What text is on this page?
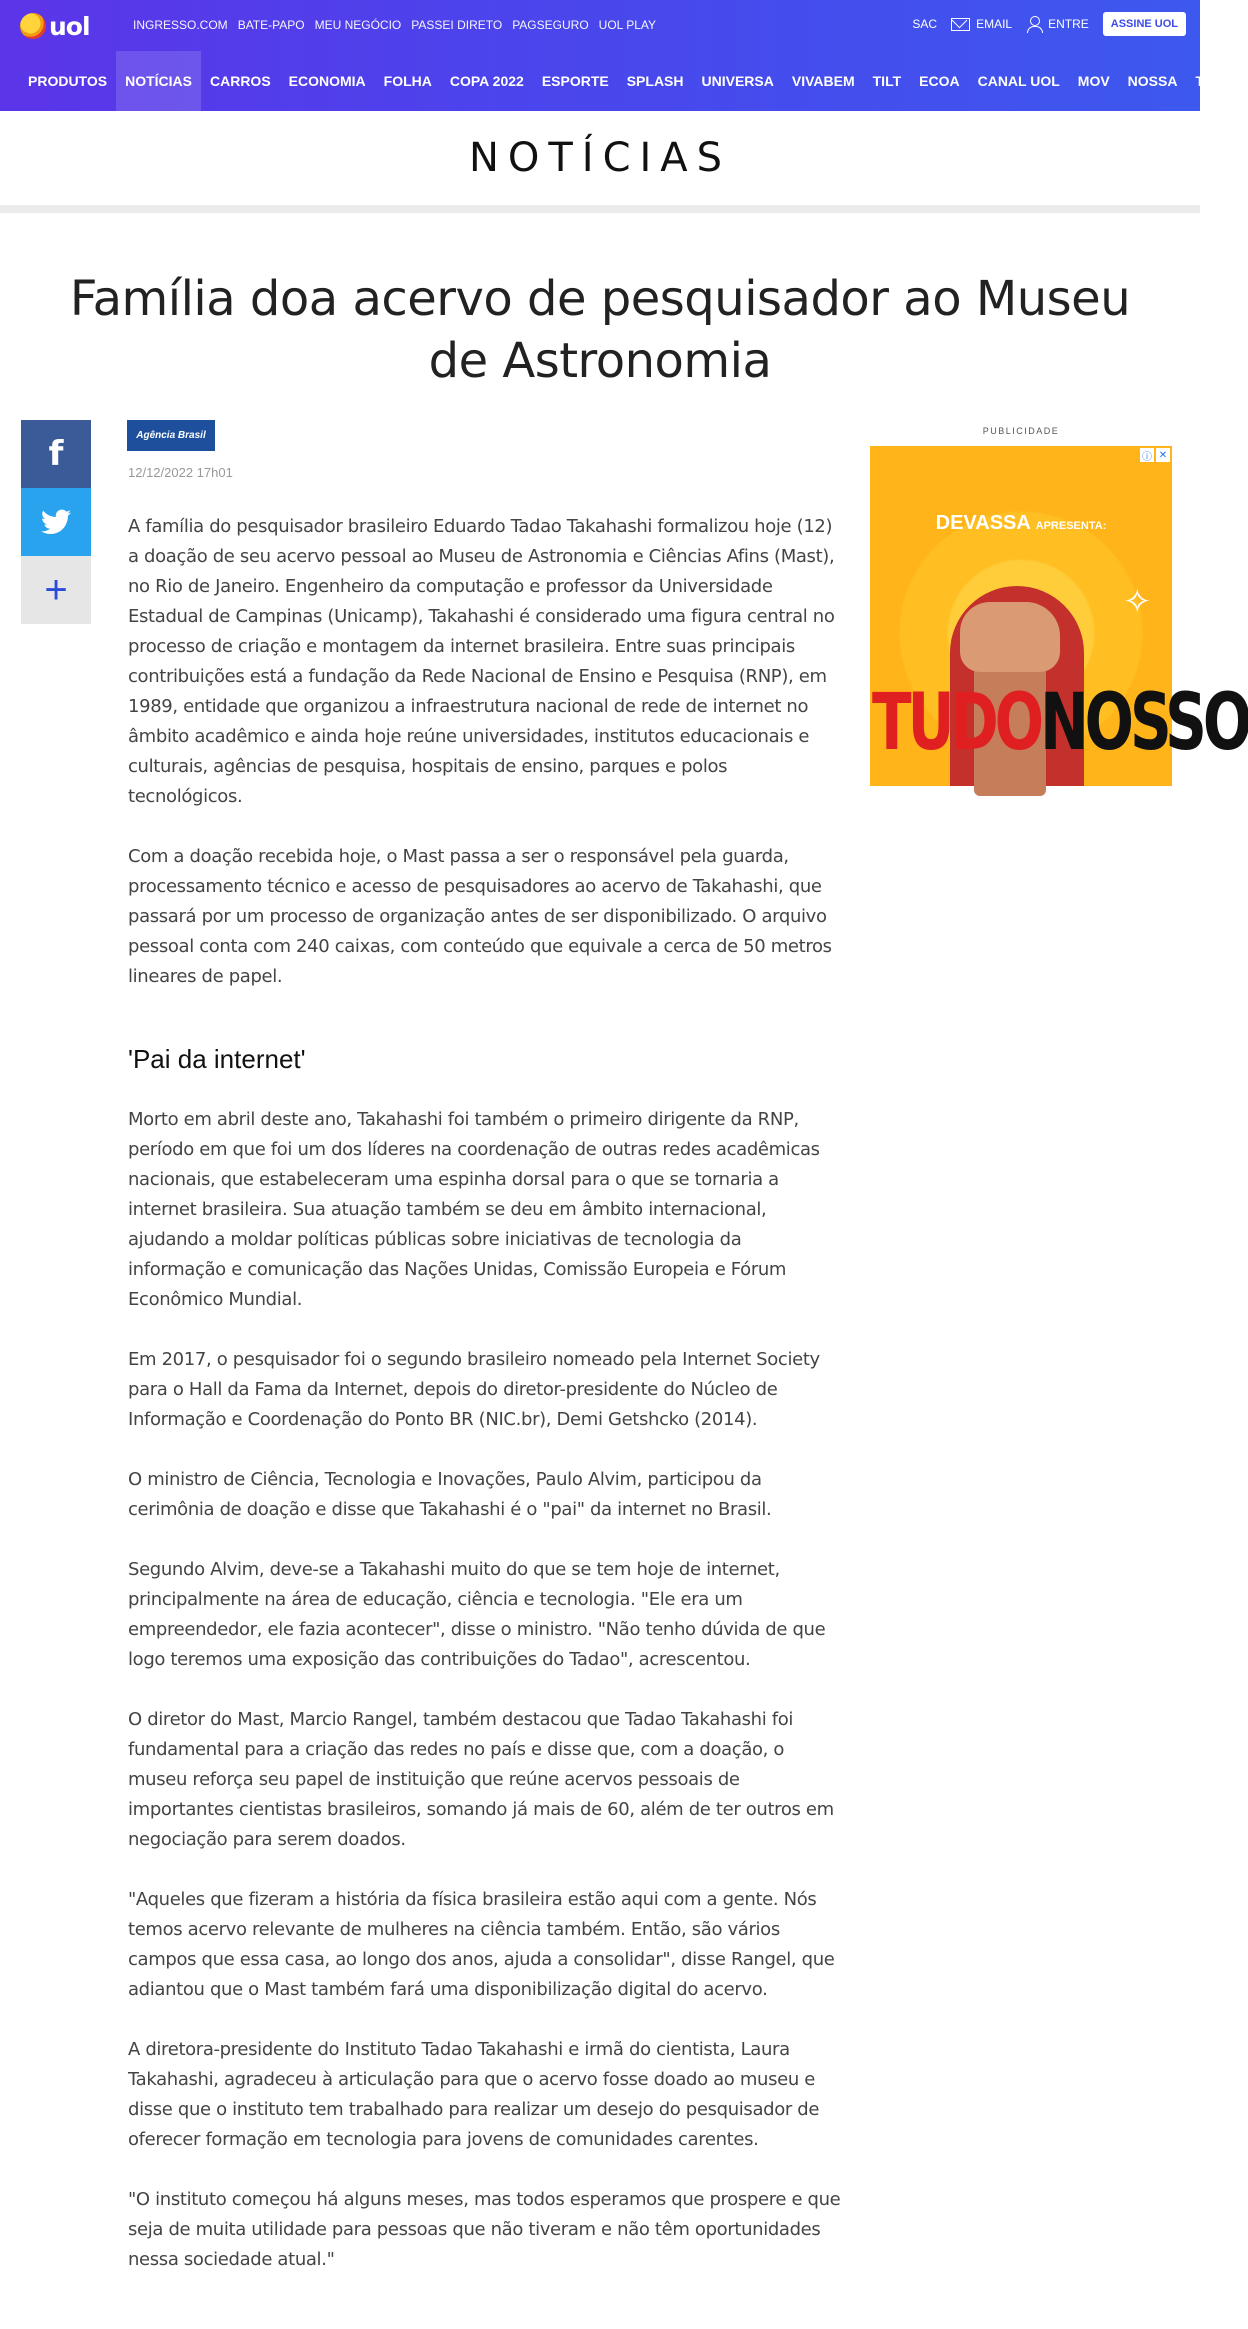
uol	INGRESSO.COM BATE-PAPO MEU NEGÓCIO PASSEI DIRETO PAGSEGURO UOL PLAY	SAC	EMAIL	ENTRE	ASSINE UOL
PRODUTOS	NOTÍCIAS	CARROS	ECONOMIA	FOLHA	COPA 2022	ESPORTE	SPLASH	UNIVERSA	VIVABEM	TILT	ECOA	CANAL UOL	MOV	NOSSA	TAB
NOTÍCIAS
Família doa acervo de pesquisador ao Museu de Astronomia
f
+
Agência Brasil
12/12/2022 17h01

A família do pesquisador brasileiro Eduardo Tadao Takahashi formalizou hoje (12) a doação de seu acervo pessoal ao Museu de Astronomia e Ciências Afins (Mast), no Rio de Janeiro. Engenheiro da computação e professor da Universidade Estadual de Campinas (Unicamp), Takahashi é considerado uma figura central no processo de criação e montagem da internet brasileira. Entre suas principais contribuições está a fundação da Rede Nacional de Ensino e Pesquisa (RNP), em 1989, entidade que organizou a infraestrutura nacional de rede de internet no âmbito acadêmico e ainda hoje reúne universidades, institutos educacionais e culturais, agências de pesquisa, hospitais de ensino, parques e polos tecnológicos.

Com a doação recebida hoje, o Mast passa a ser o responsável pela guarda, processamento técnico e acesso de pesquisadores ao acervo de Takahashi, que passará por um processo de organização antes de ser disponibilizado. O arquivo pessoal conta com 240 caixas, com conteúdo que equivale a cerca de 50 metros lineares de papel.

'Pai da internet'

Morto em abril deste ano, Takahashi foi também o primeiro dirigente da RNP, período em que foi um dos líderes na coordenação de outras redes acadêmicas nacionais, que estabeleceram uma espinha dorsal para o que se tornaria a internet brasileira. Sua atuação também se deu em âmbito internacional, ajudando a moldar políticas públicas sobre iniciativas de tecnologia da informação e comunicação das Nações Unidas, Comissão Europeia e Fórum Econômico Mundial.

Em 2017, o pesquisador foi o segundo brasileiro nomeado pela Internet Society para o Hall da Fama da Internet, depois do diretor-presidente do Núcleo de Informação e Coordenação do Ponto BR (NIC.br), Demi Getshcko (2014).

O ministro de Ciência, Tecnologia e Inovações, Paulo Alvim, participou da cerimônia de doação e disse que Takahashi é o "pai" da internet no Brasil.

Segundo Alvim, deve-se a Takahashi muito do que se tem hoje de internet, principalmente na área de educação, ciência e tecnologia. "Ele era um empreendedor, ele fazia acontecer", disse o ministro. "Não tenho dúvida de que logo teremos uma exposição das contribuições do Tadao", acrescentou.

O diretor do Mast, Marcio Rangel, também destacou que Tadao Takahashi foi fundamental para a criação das redes no país e disse que, com a doação, o museu reforça seu papel de instituição que reúne acervos pessoais de importantes cientistas brasileiros, somando já mais de 60, além de ter outros em negociação para serem doados.

"Aqueles que fizeram a história da física brasileira estão aqui com a gente. Nós temos acervo relevante de mulheres na ciência também. Então, são vários campos que essa casa, ao longo dos anos, ajuda a consolidar", disse Rangel, que adiantou que o Mast também fará uma disponibilização digital do acervo.

A diretora-presidente do Instituto Tadao Takahashi e irmã do cientista, Laura Takahashi, agradeceu à articulação para que o acervo fosse doado ao museu e disse que o instituto tem trabalhado para realizar um desejo do pesquisador de oferecer formação em tecnologia para jovens de comunidades carentes.

"O instituto começou há alguns meses, mas todos esperamos que prospere e que seja de muita utilidade para pessoas que não tiveram e não têm oportunidades nessa sociedade atual."

PUBLICIDADE
ⓘ ✕
DEVASSA APRESENTA:
✧
TUDO NOSSO
